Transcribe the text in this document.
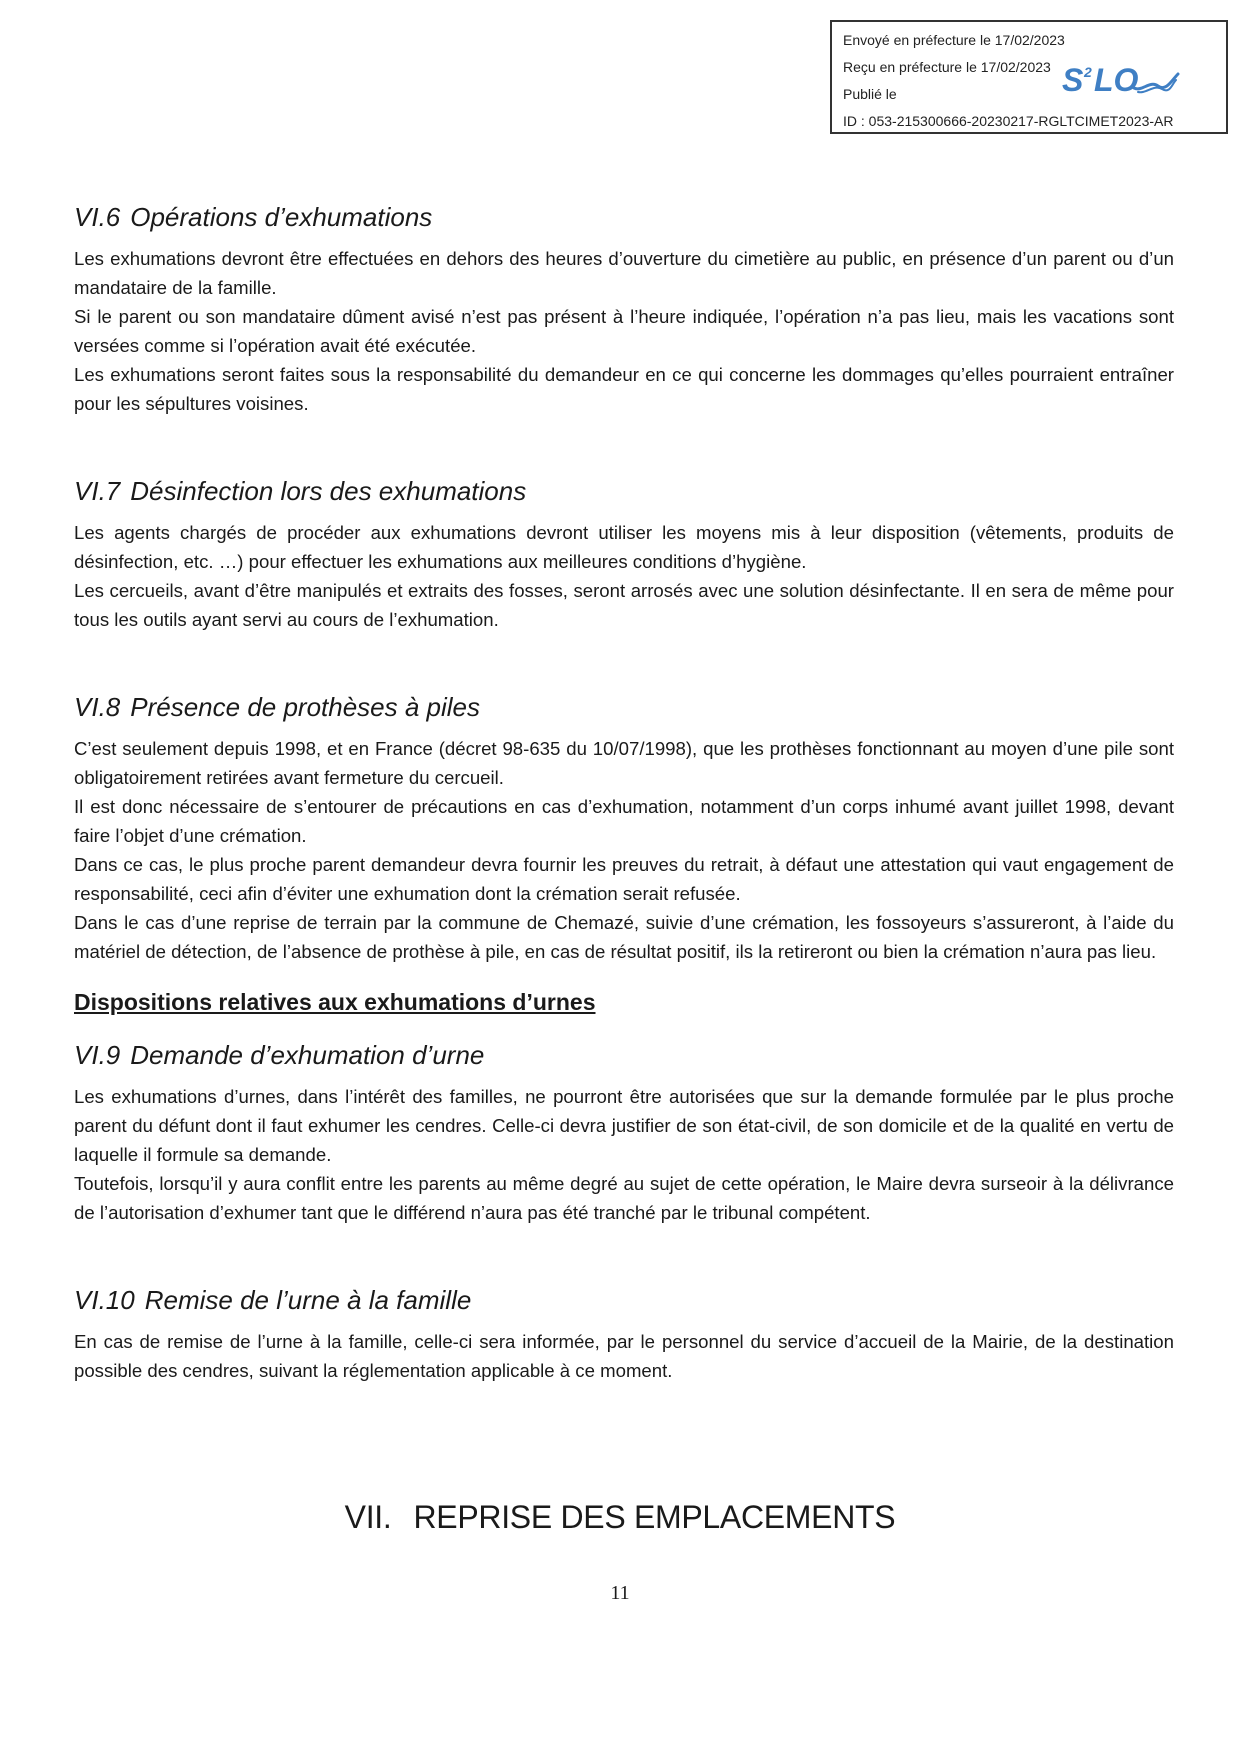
Envoyé en préfecture le 17/02/2023
Reçu en préfecture le 17/02/2023
Publié le
ID : 053-215300666-20230217-RGLTCIMET2023-AR
S 2 LO
VI.6 Opérations d’exhumations

Les exhumations devront être effectuées en dehors des heures d’ouverture du cimetière au public, en présence d’un parent ou d’un mandataire de la famille.

Si le parent ou son mandataire dûment avisé n’est pas présent à l’heure indiquée, l’opération n’a pas lieu, mais les vacations sont versées comme si l’opération avait été exécutée.

Les exhumations seront faites sous la responsabilité du demandeur en ce qui concerne les dommages qu’elles pourraient entraîner pour les sépultures voisines.

VI.7 Désinfection lors des exhumations

Les agents chargés de procéder aux exhumations devront utiliser les moyens mis à leur disposition (vêtements, produits de désinfection, etc. …) pour effectuer les exhumations aux meilleures conditions d’hygiène.

Les cercueils, avant d’être manipulés et extraits des fosses, seront arrosés avec une solution désinfectante. Il en sera de même pour tous les outils ayant servi au cours de l’exhumation.

VI.8 Présence de prothèses à piles

C’est seulement depuis 1998, et en France (décret 98-635 du 10/07/1998), que les prothèses fonctionnant au moyen d’une pile sont obligatoirement retirées avant fermeture du cercueil.

Il est donc nécessaire de s’entourer de précautions en cas d’exhumation, notamment d’un corps inhumé avant juillet 1998, devant faire l’objet d’une crémation.

Dans ce cas, le plus proche parent demandeur devra fournir les preuves du retrait, à défaut une attestation qui vaut engagement de responsabilité, ceci afin d’éviter une exhumation dont la crémation serait refusée.

Dans le cas d’une reprise de terrain par la commune de Chemazé, suivie d’une crémation, les fossoyeurs s’assureront, à l’aide du matériel de détection, de l’absence de prothèse à pile, en cas de résultat positif, ils la retireront ou bien la crémation n’aura pas lieu.

Dispositions relatives aux exhumations d’urnes
VI.9 Demande d’exhumation d’urne

Les exhumations d’urnes, dans l’intérêt des familles, ne pourront être autorisées que sur la demande formulée par le plus proche parent du défunt dont il faut exhumer les cendres. Celle-ci devra justifier de son état-civil, de son domicile et de la qualité en vertu de laquelle il formule sa demande.

Toutefois, lorsqu’il y aura conflit entre les parents au même degré au sujet de cette opération, le Maire devra surseoir à la délivrance de l’autorisation d’exhumer tant que le différend n’aura pas été tranché par le tribunal compétent.

VI.10 Remise de l’urne à la famille

En cas de remise de l’urne à la famille, celle-ci sera informée, par le personnel du service d’accueil de la Mairie, de la destination possible des cendres, suivant la réglementation applicable à ce moment.

VII. REPRISE DES EMPLACEMENTS
11
